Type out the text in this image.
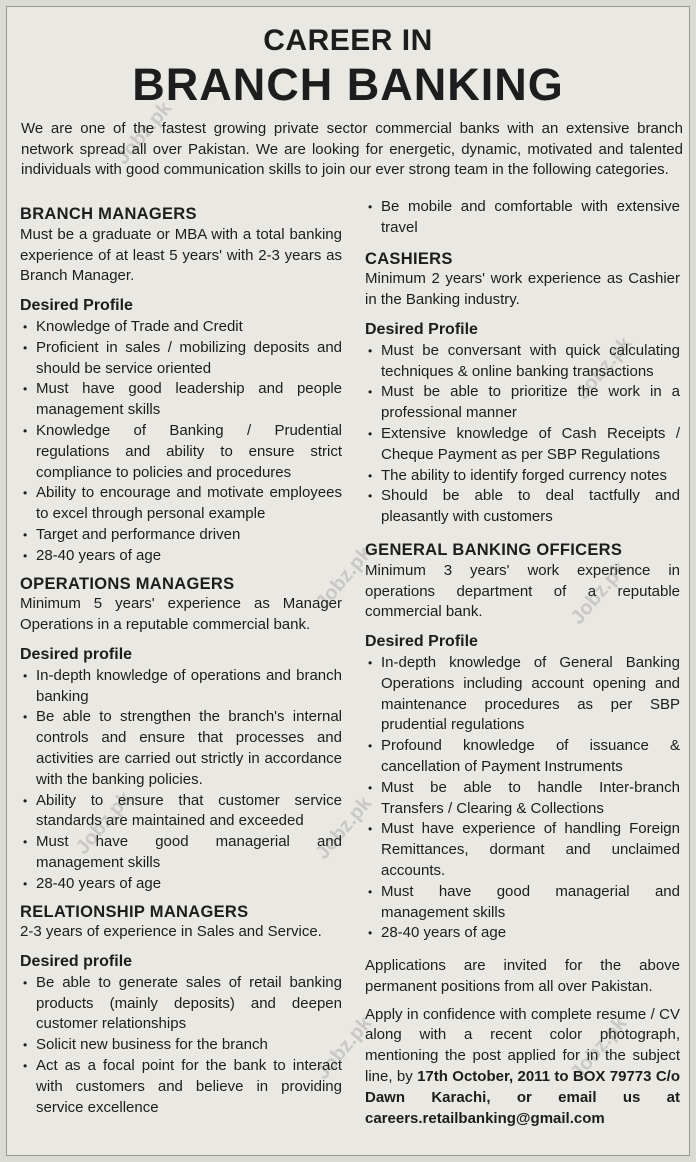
Jobz.pk
Jobz.pk
Jobz.pk	Jobz.pk
Jobz.pk	Jobz.pk
Jobz.pk	Jobz.pk
CAREER IN
BRANCH BANKING
We are one of the fastest growing private sector commercial banks with an extensive branch network spread all over Pakistan. We are looking for energetic, dynamic, motivated and talented individuals with good communication skills to join our ever strong team in the following categories.
BRANCH MANAGERS
Must be a graduate or MBA with a total banking experience of at least 5 years' with 2-3 years as Branch Manager.
Desired Profile
• Knowledge of Trade and Credit
• Proficient in sales / mobilizing deposits and should be service oriented
• Must have good leadership and people management skills
• Knowledge of Banking / Prudential regulations and ability to ensure strict compliance to policies and procedures
• Ability to encourage and motivate employees to excel through personal example
• Target and performance driven
• 28-40 years of age
OPERATIONS MANAGERS
Minimum 5 years' experience as Manager Operations in a reputable commercial bank.
Desired profile
• In-depth knowledge of operations and branch banking
• Be able to strengthen the branch's internal controls and ensure that processes and activities are carried out strictly in accordance with the banking policies.
• Ability to ensure that customer service standards are maintained and exceeded
• Must have good managerial and management skills
• 28-40 years of age
RELATIONSHIP MANAGERS
2-3 years of experience in Sales and Service.
Desired profile
• Be able to generate sales of retail banking products (mainly deposits) and deepen customer relationships
• Solicit new business for the branch
• Act as a focal point for the bank to interact with customers and believe in providing service excellence
• Be mobile and comfortable with extensive travel
CASHIERS
Minimum 2 years' work experience as Cashier in the Banking industry.
Desired Profile
• Must be conversant with quick calculating techniques & online banking transactions
• Must be able to prioritize the work in a professional manner
• Extensive knowledge of Cash Receipts / Cheque Payment as per SBP Regulations
• The ability to identify forged currency notes
• Should be able to deal tactfully and pleasantly with customers
GENERAL BANKING OFFICERS
Minimum 3 years' work experience in operations department of a reputable commercial bank.
Desired Profile
• In-depth knowledge of General Banking Operations including account opening and maintenance procedures as per SBP prudential regulations
• Profound knowledge of issuance & cancellation of Payment Instruments
• Must be able to handle Inter-branch Transfers / Clearing & Collections
• Must have experience of handling Foreign Remittances, dormant and unclaimed accounts.
• Must have good managerial and management skills
• 28-40 years of age
Applications are invited for the above permanent positions from all over Pakistan.
Apply in confidence with complete resume / CV along with a recent color photograph, mentioning the post applied for in the subject line, by 17th October, 2011 to BOX 79773 C/o Dawn Karachi, or email us at careers.retailbanking@gmail.com
